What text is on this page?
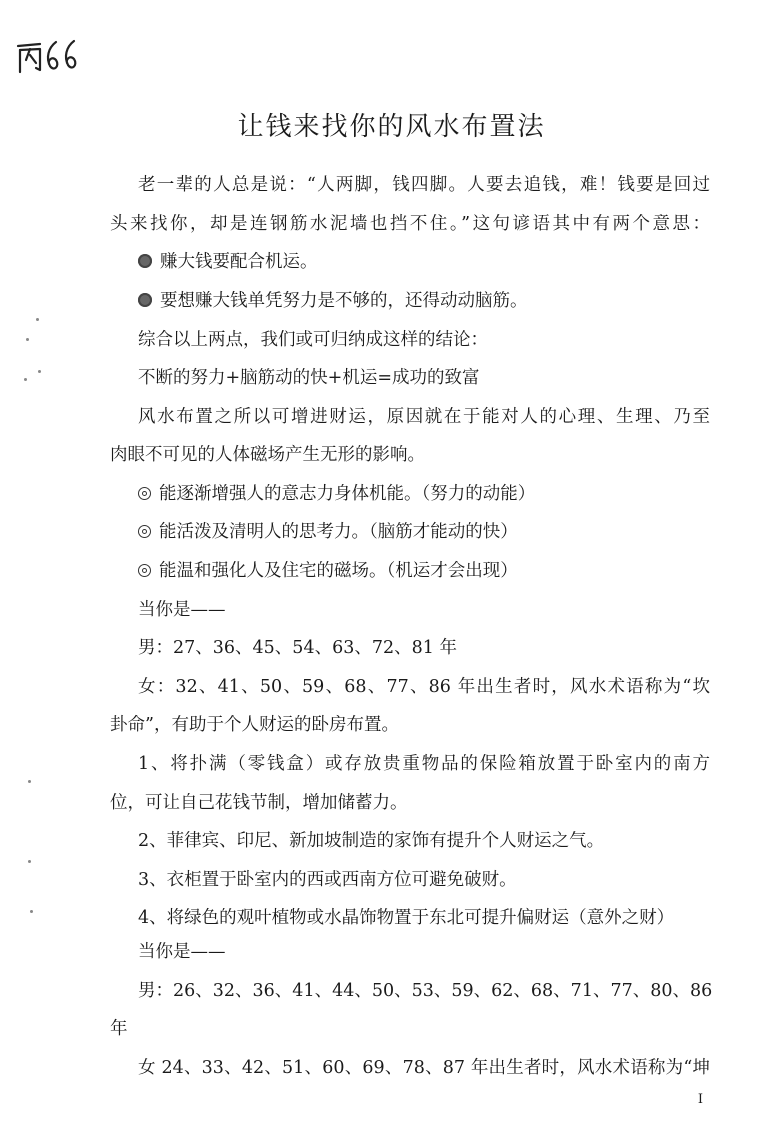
让钱来找你的风水布置法
老一辈的人总是说：“人两脚，钱四脚。人要去追钱，难！钱要是回过
头来找你，却是连钢筋水泥墙也挡不住。”这句谚语其中有两个意思：
赚大钱要配合机运。
要想赚大钱单凭努力是不够的，还得动动脑筋。
综合以上两点，我们或可归纳成这样的结论：
不断的努力+脑筋动的快+机运=成功的致富
风水布置之所以可增进财运，原因就在于能对人的心理、生理、乃至
肉眼不可见的人体磁场产生无形的影响。
能逐渐增强人的意志力身体机能。（努力的动能）
能活泼及清明人的思考力。（脑筋才能动的快）
能温和强化人及住宅的磁场。（机运才会出现）
当你是——
男：27、36、45、54、63、72、81 年
女：32、41、50、59、68、77、86 年出生者时，风水术语称为“坎
卦命”，有助于个人财运的卧房布置。
1、将扑满（零钱盒）或存放贵重物品的保险箱放置于卧室内的南方
位，可让自己花钱节制，增加储蓄力。
2、菲律宾、印尼、新加坡制造的家饰有提升个人财运之气。
3、衣柜置于卧室内的西或西南方位可避免破财。
4、将绿色的观叶植物或水晶饰物置于东北可提升偏财运（意外之财）
当你是——
男：26、32、36、41、44、50、53、59、62、68、71、77、80、86
年
女 24、33、42、51、60、69、78、87 年出生者时，风水术语称为“坤
I
